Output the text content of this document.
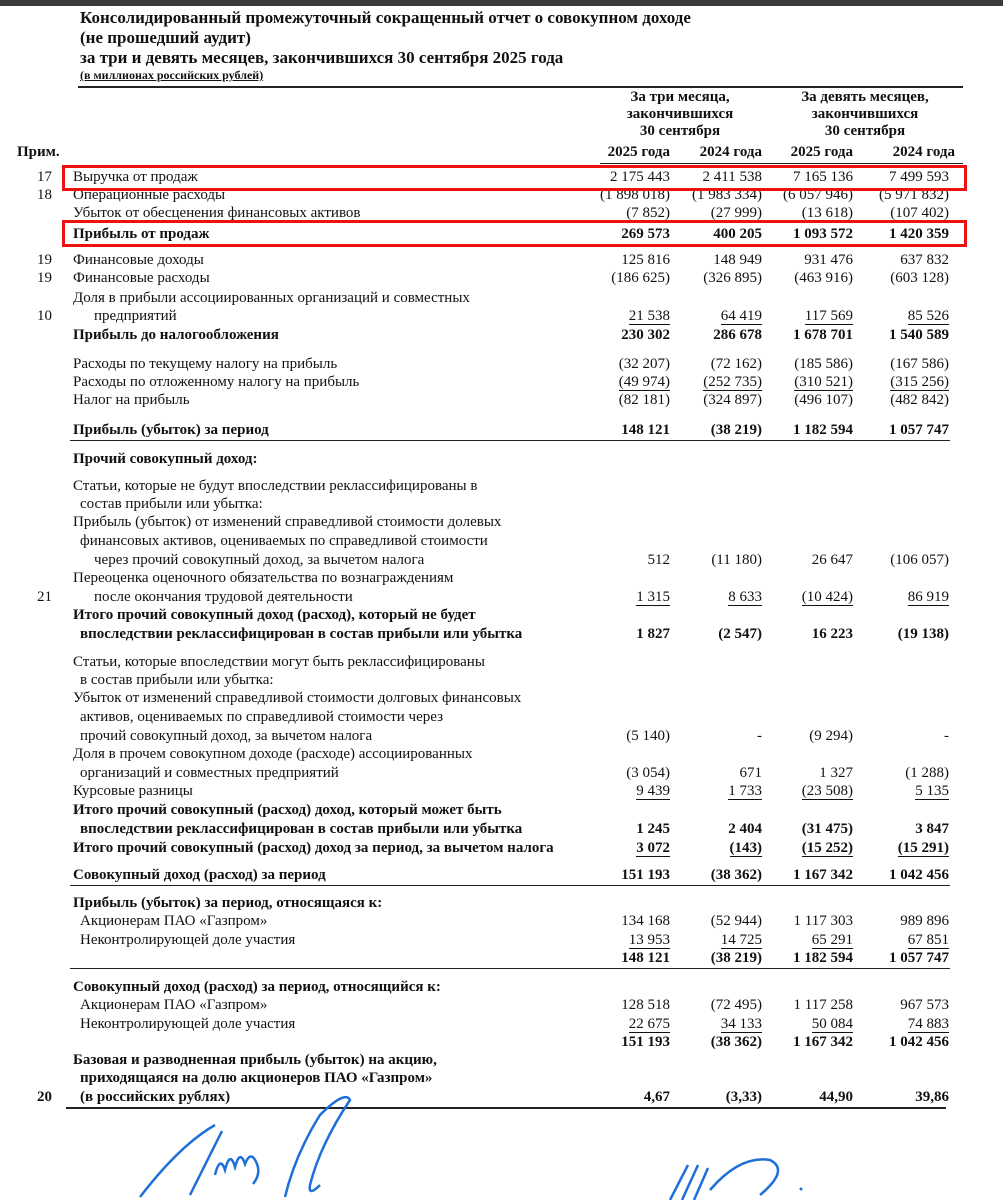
Консолидированный промежуточный сокращенный отчет о совокупном доходе
(не прошедший аудит)
за три и девять месяцев, закончившихся 30 сентября 2025 года
(в миллионах российских рублей)
За три месяца,
закончившихся
30 сентября
За девять месяцев,
закончившихся
30 сентября
Прим.	2025 года	2024 года	2025 года	2024 года
17 Выручка от продаж	2 175 443	2 411 538	7 165 136	7 499 593
18 Операционные расходы	(1 898 018)	(1 983 334)	(6 057 946)	(5 971 832)
Убыток от обесценения финансовых активов	(7 852)	(27 999)	(13 618)	(107 402)
Прибыль от продаж	269 573	400 205	1 093 572	1 420 359
19 Финансовые доходы	125 816	148 949	931 476	637 832
19 Финансовые расходы	(186 625)	(326 895)	(463 916)	(603 128)
Доля в прибыли ассоциированных организаций и совместных
10	предприятий	21 538	64 419	117 569	85 526
Прибыль до налогообложения	230 302	286 678	1 678 701	1 540 589
Расходы по текущему налогу на прибыль	(32 207)	(72 162)	(185 586)	(167 586)
Расходы по отложенному налогу на прибыль	(49 974)	(252 735)	(310 521)	(315 256)
Налог на прибыль	(82 181)	(324 897)	(496 107)	(482 842)
Прибыль (убыток) за период	148 121	(38 219)	1 182 594	1 057 747
Прочий совокупный доход:
Статьи, которые не будут впоследствии реклассифицированы в
состав прибыли или убытка:
Прибыль (убыток) от изменений справедливой стоимости долевых
финансовых активов, оцениваемых по справедливой стоимости
через прочий совокупный доход, за вычетом налога	512	(11 180)	26 647	(106 057)
Переоценка оценочного обязательства по вознаграждениям
21	после окончания трудовой деятельности	1 315	8 633	(10 424)	86 919
Итого прочий совокупный доход (расход), который не будет
впоследствии реклассифицирован в состав прибыли или убытка	1 827	(2 547)	16 223	(19 138)
Статьи, которые впоследствии могут быть реклассифицированы
в состав прибыли или убытка:
Убыток от изменений справедливой стоимости долговых финансовых
активов, оцениваемых по справедливой стоимости через
прочий совокупный доход, за вычетом налога	(5 140)	-	(9 294)	-
Доля в прочем совокупном доходе (расходе) ассоциированных
организаций и совместных предприятий	(3 054)	671	1 327	(1 288)
Курсовые разницы	9 439	1 733	(23 508)	5 135
Итого прочий совокупный (расход) доход, который может быть
впоследствии реклассифицирован в состав прибыли или убытка	1 245	2 404	(31 475)	3 847
Итого прочий совокупный (расход) доход за период, за вычетом налога	3 072	(143)	(15 252)	(15 291)
Совокупный доход (расход) за период	151 193	(38 362)	1 167 342	1 042 456
Прибыль (убыток) за период, относящаяся к:
Акционерам ПАО «Газпром»	134 168	(52 944)	1 117 303	989 896
Неконтролирующей доле участия	13 953	14 725	65 291	67 851
148 121	(38 219)	1 182 594	1 057 747
Совокупный доход (расход) за период, относящийся к:
Акционерам ПАО «Газпром»	128 518	(72 495)	1 117 258	967 573
Неконтролирующей доле участия	22 675	34 133	50 084	74 883
151 193	(38 362)	1 167 342	1 042 456
Базовая и разводненная прибыль (убыток) на акцию,
приходящаяся на долю акционеров ПАО «Газпром»
20 (в российских рублях)	4,67	(3,33)	44,90	39,86
